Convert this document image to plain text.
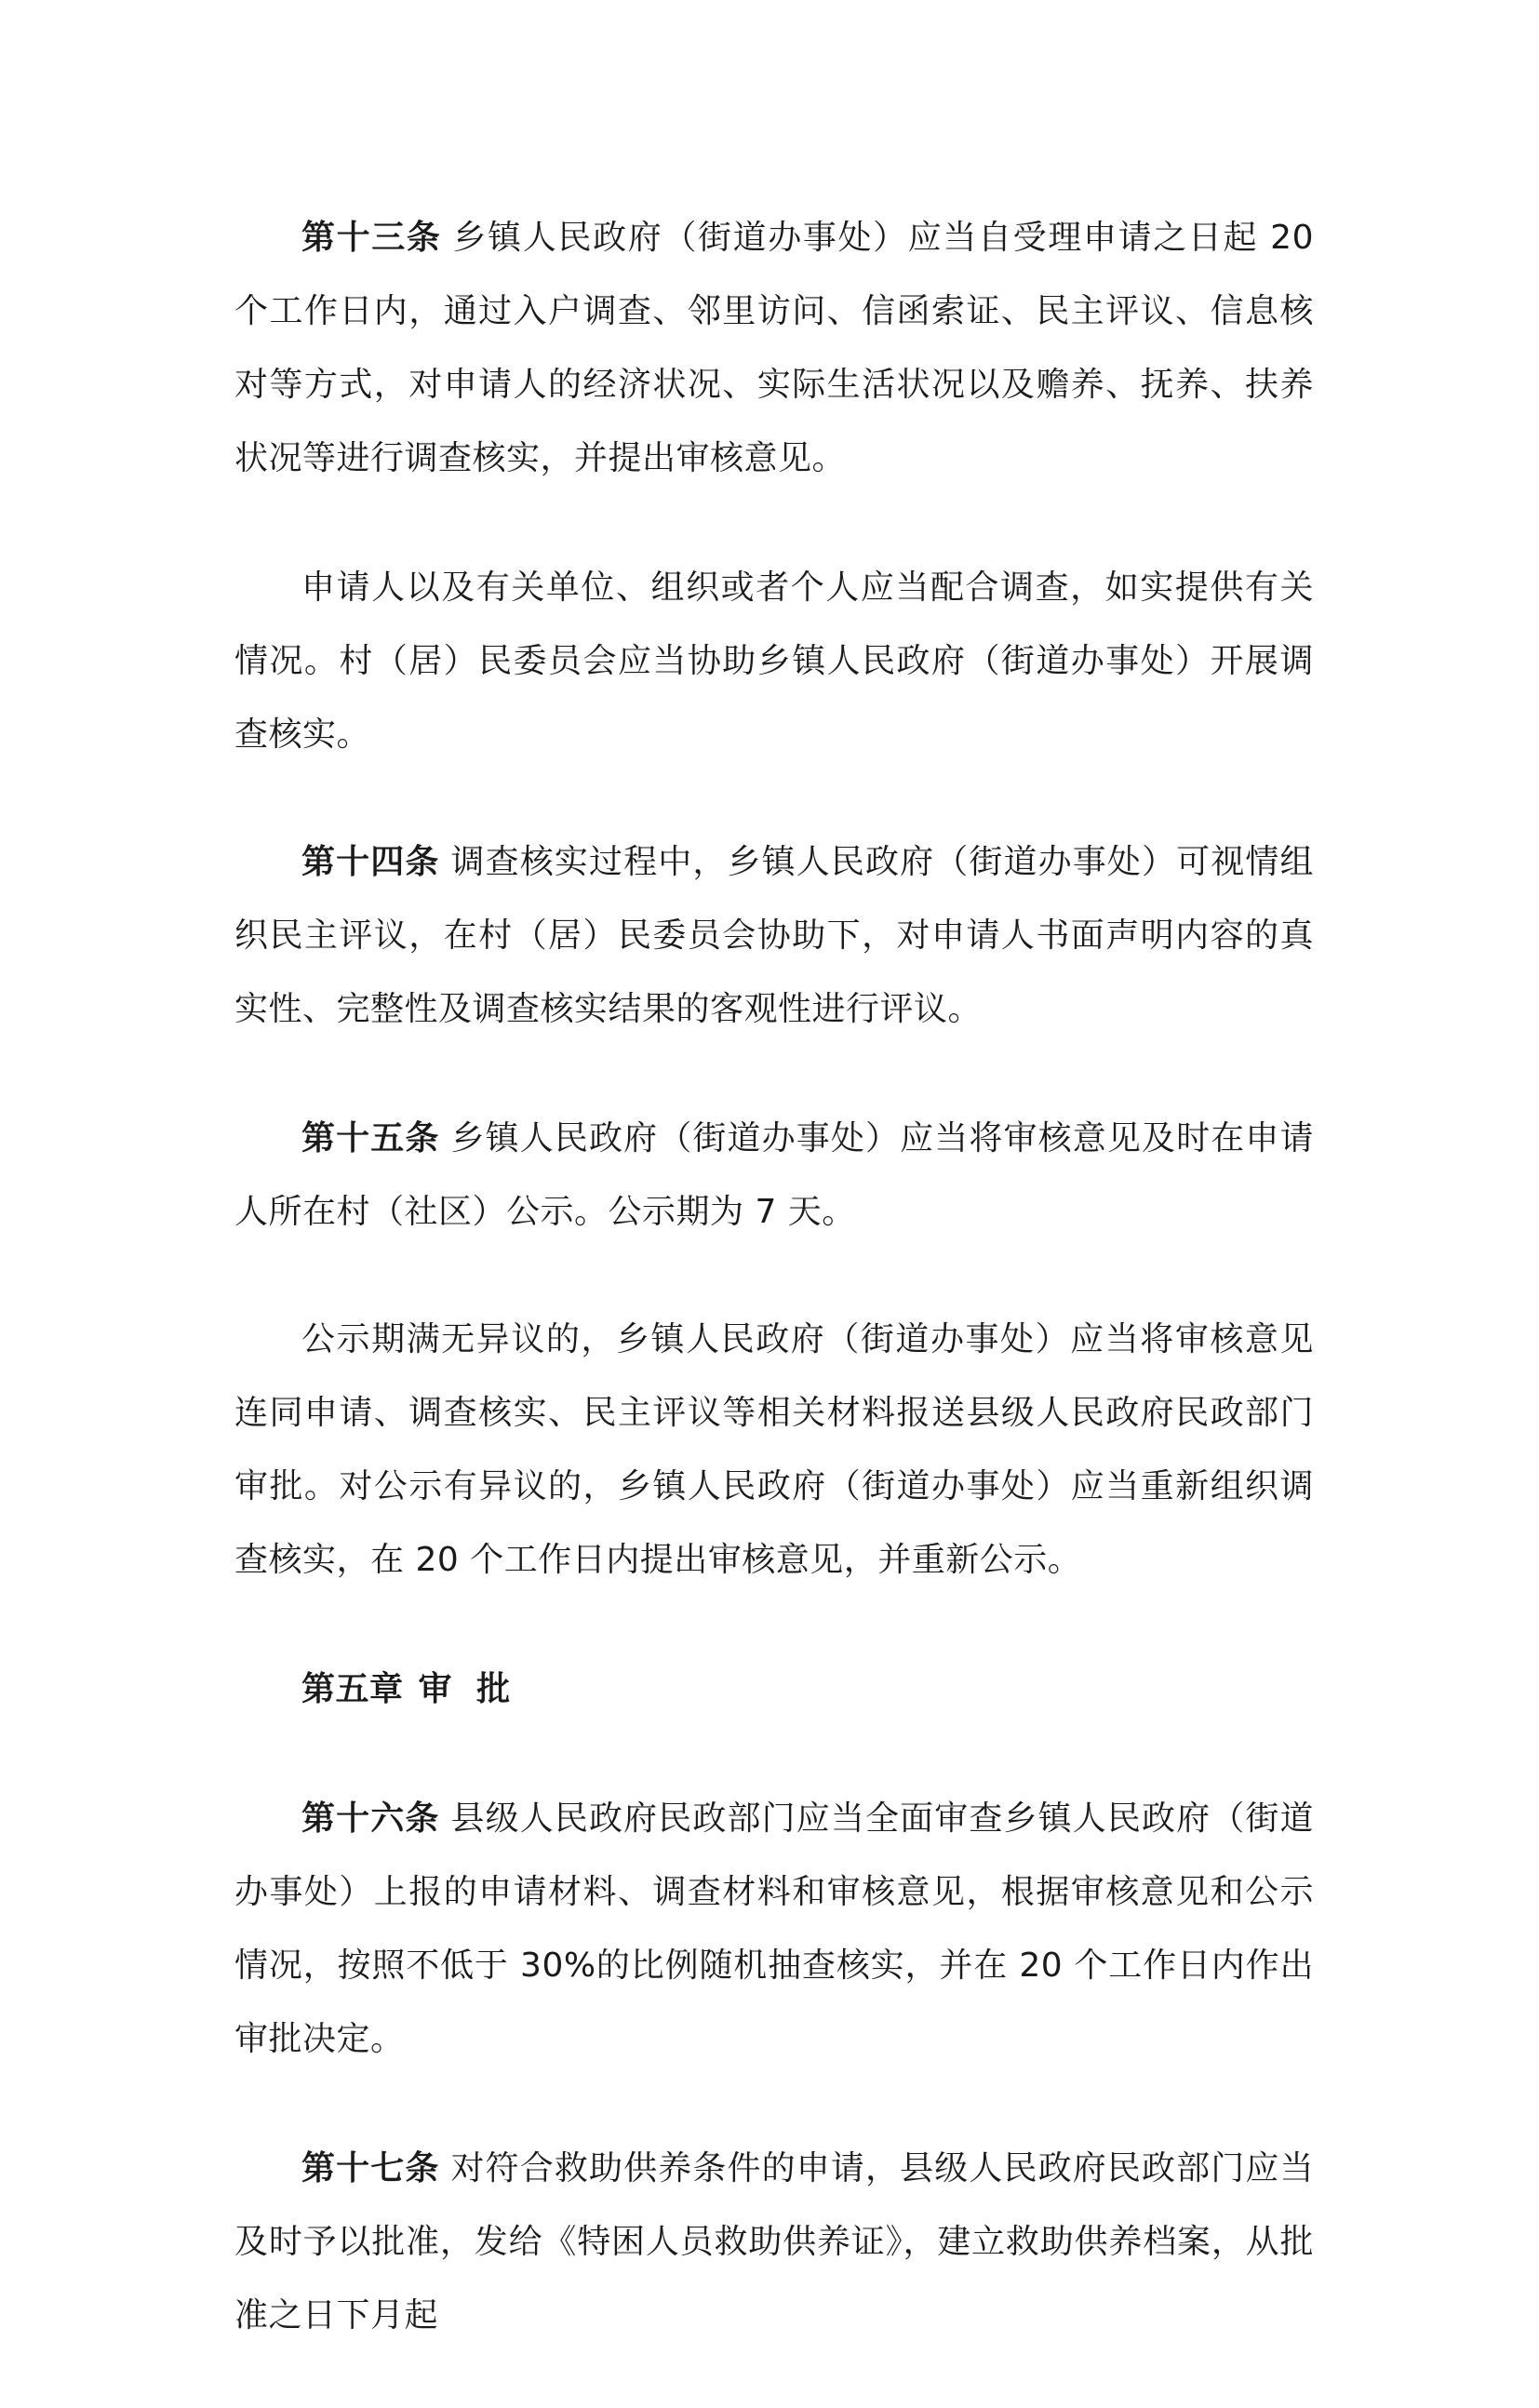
第十三条 乡镇人民政府（街道办事处）应当自受理申请之日起 20 个工作日内，通过入户调查、邻里访问、信函索证、民主评议、信息核对等方式，对申请人的经济状况、实际生活状况以及赡养、抚养、扶养状况等进行调查核实，并提出审核意见。

申请人以及有关单位、组织或者个人应当配合调查，如实提供有关情况。村（居）民委员会应当协助乡镇人民政府（街道办事处）开展调查核实。

第十四条 调查核实过程中，乡镇人民政府（街道办事处）可视情组织民主评议，在村（居）民委员会协助下，对申请人书面声明内容的真实性、完整性及调查核实结果的客观性进行评议。

第十五条 乡镇人民政府（街道办事处）应当将审核意见及时在申请人所在村（社区）公示。公示期为 7 天。

公示期满无异议的，乡镇人民政府（街道办事处）应当将审核意见连同申请、调查核实、民主评议等相关材料报送县级人民政府民政部门审批。对公示有异议的，乡镇人民政府（街道办事处）应当重新组织调查核实，在 20 个工作日内提出审核意见，并重新公示。

第五章 审  批

第十六条 县级人民政府民政部门应当全面审查乡镇人民政府（街道办事处）上报的申请材料、调查材料和审核意见，根据审核意见和公示情况，按照不低于 30%的比例随机抽查核实，并在 20 个工作日内作出审批决定。

第十七条 对符合救助供养条件的申请，县级人民政府民政部门应当及时予以批准，发给《特困人员救助供养证》，建立救助供养档案，从批准之日下月起
